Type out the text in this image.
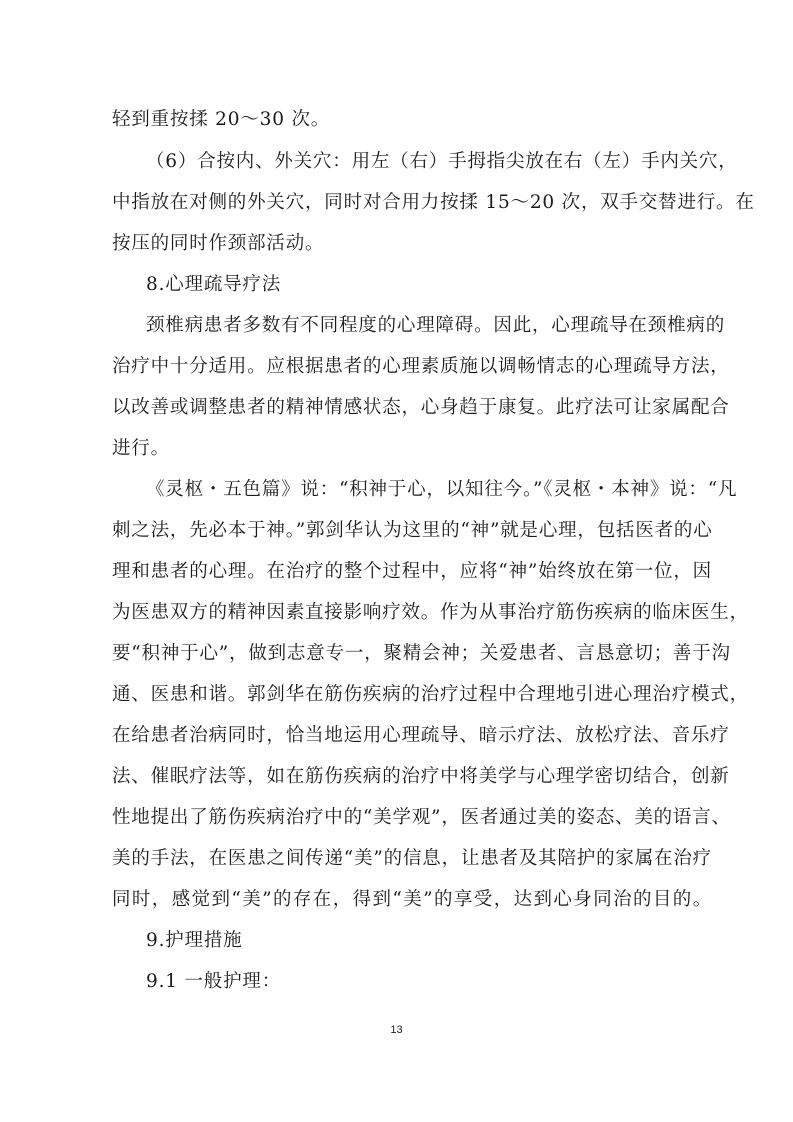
轻到重按揉 20～30 次。
（6）合按内、外关穴：用左（右）手拇指尖放在右（左）手内关穴，
中指放在对侧的外关穴，同时对合用力按揉 15～20 次，双手交替进行。在
按压的同时作颈部活动。
8.心理疏导疗法
颈椎病患者多数有不同程度的心理障碍。因此，心理疏导在颈椎病的
治疗中十分适用。应根据患者的心理素质施以调畅情志的心理疏导方法，
以改善或调整患者的精神情感状态，心身趋于康复。此疗法可让家属配合
进行。
《灵枢・五色篇》说：“积神于心，以知往今。”《灵枢・本神》说：“凡
刺之法，先必本于神。”郭剑华认为这里的“神”就是心理，包括医者的心
理和患者的心理。在治疗的整个过程中，应将“神”始终放在第一位，因
为医患双方的精神因素直接影响疗效。作为从事治疗筋伤疾病的临床医生，
要“积神于心”，做到志意专一，聚精会神；关爱患者、言恳意切；善于沟
通、医患和谐。郭剑华在筋伤疾病的治疗过程中合理地引进心理治疗模式，
在给患者治病同时，恰当地运用心理疏导、暗示疗法、放松疗法、音乐疗
法、催眠疗法等，如在筋伤疾病的治疗中将美学与心理学密切结合，创新
性地提出了筋伤疾病治疗中的“美学观”，医者通过美的姿态、美的语言、
美的手法，在医患之间传递“美”的信息，让患者及其陪护的家属在治疗
同时，感觉到“美”的存在，得到“美”的享受，达到心身同治的目的。
9.护理措施
9.1 一般护理：
13
